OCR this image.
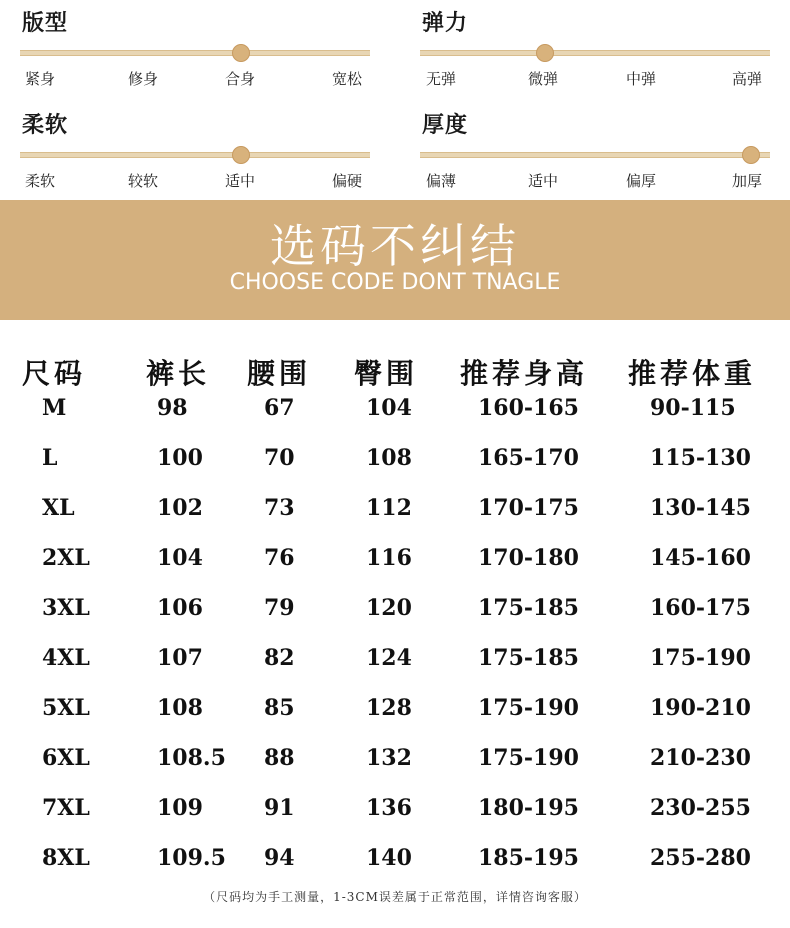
版型
紧身	修身	合身	宽松
弹力
无弹	微弹	中弹	高弹
柔软
柔软	较软	适中	偏硬
厚度
偏薄	适中	偏厚	加厚
选码不纠结
CHOOSE CODE DONT TNAGLE
尺码 裤长 腰围 臀围 推荐身高 推荐体重
M	98	67	104	160-165	90-115
L	100	70	108	165-170	115-130
XL	102	73	112	170-175	130-145
2XL	104	76	116	170-180	145-160
3XL	106	79	120	175-185	160-175
4XL	107	82	124	175-185	175-190
5XL	108	85	128	175-190	190-210
6XL	108.5 88	132	175-190	210-230
7XL	109	91	136	180-195	230-255
8XL	109.5 94	140	185-195	255-280
（尺码均为手工测量，1-3CM误差属于正常范围，详情咨询客服）
